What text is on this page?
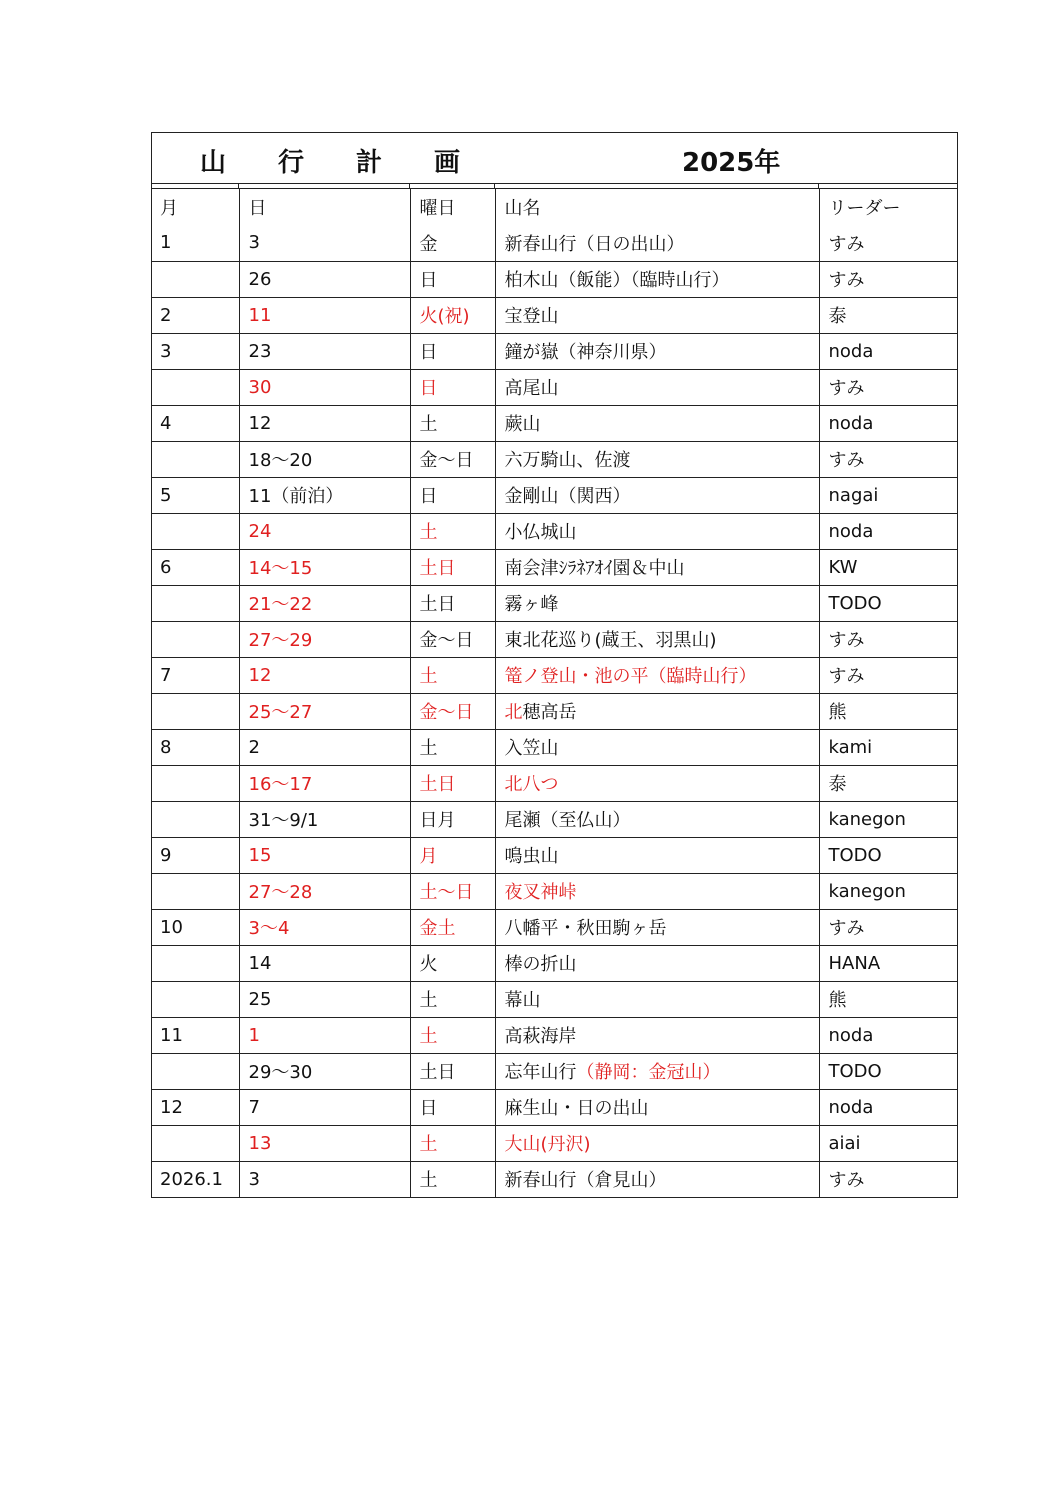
山行計画	2025年
月	日	曜日	山名	リーダー
1	3	金	新春山行（日の出山）	すみ
	26	日	柏木山（飯能）（臨時山行）	すみ
2	11	火(祝)	宝登山	泰
3	23	日	鐘が嶽（神奈川県）	noda
	30	日	高尾山	すみ
4	12	土	蕨山	noda
	18〜20	金〜日	六万騎山、佐渡	すみ
5	11（前泊）	日	金剛山（関西）	nagai
	24	土	小仏城山	noda
6	14〜15	土日	南会津ｼﾗﾈｱｵｲ園＆中山	KW
	21〜22	土日	霧ヶ峰	TODO
	27〜29	金〜日	東北花巡り(蔵王、羽黒山)	すみ
7	12	土	篭ノ登山・池の平（臨時山行）	すみ
	25〜27	金〜日	北穂高岳	熊
8	2	土	入笠山	kami
	16〜17	土日	北八つ	泰
	31〜9/1	日月	尾瀬（至仏山）	kanegon
9	15	月	鳴虫山	TODO
	27〜28	土〜日	夜叉神峠	kanegon
10	3〜4	金土	八幡平・秋田駒ヶ岳	すみ
	14	火	棒の折山	HANA
	25	土	幕山	熊
11	1	土	高萩海岸	noda
	29〜30	土日	忘年山行（静岡：金冠山）	TODO
12	7	日	麻生山・日の出山	noda
	13	土	大山(丹沢)	aiai
2026.1	3	土	新春山行（倉見山）	すみ
